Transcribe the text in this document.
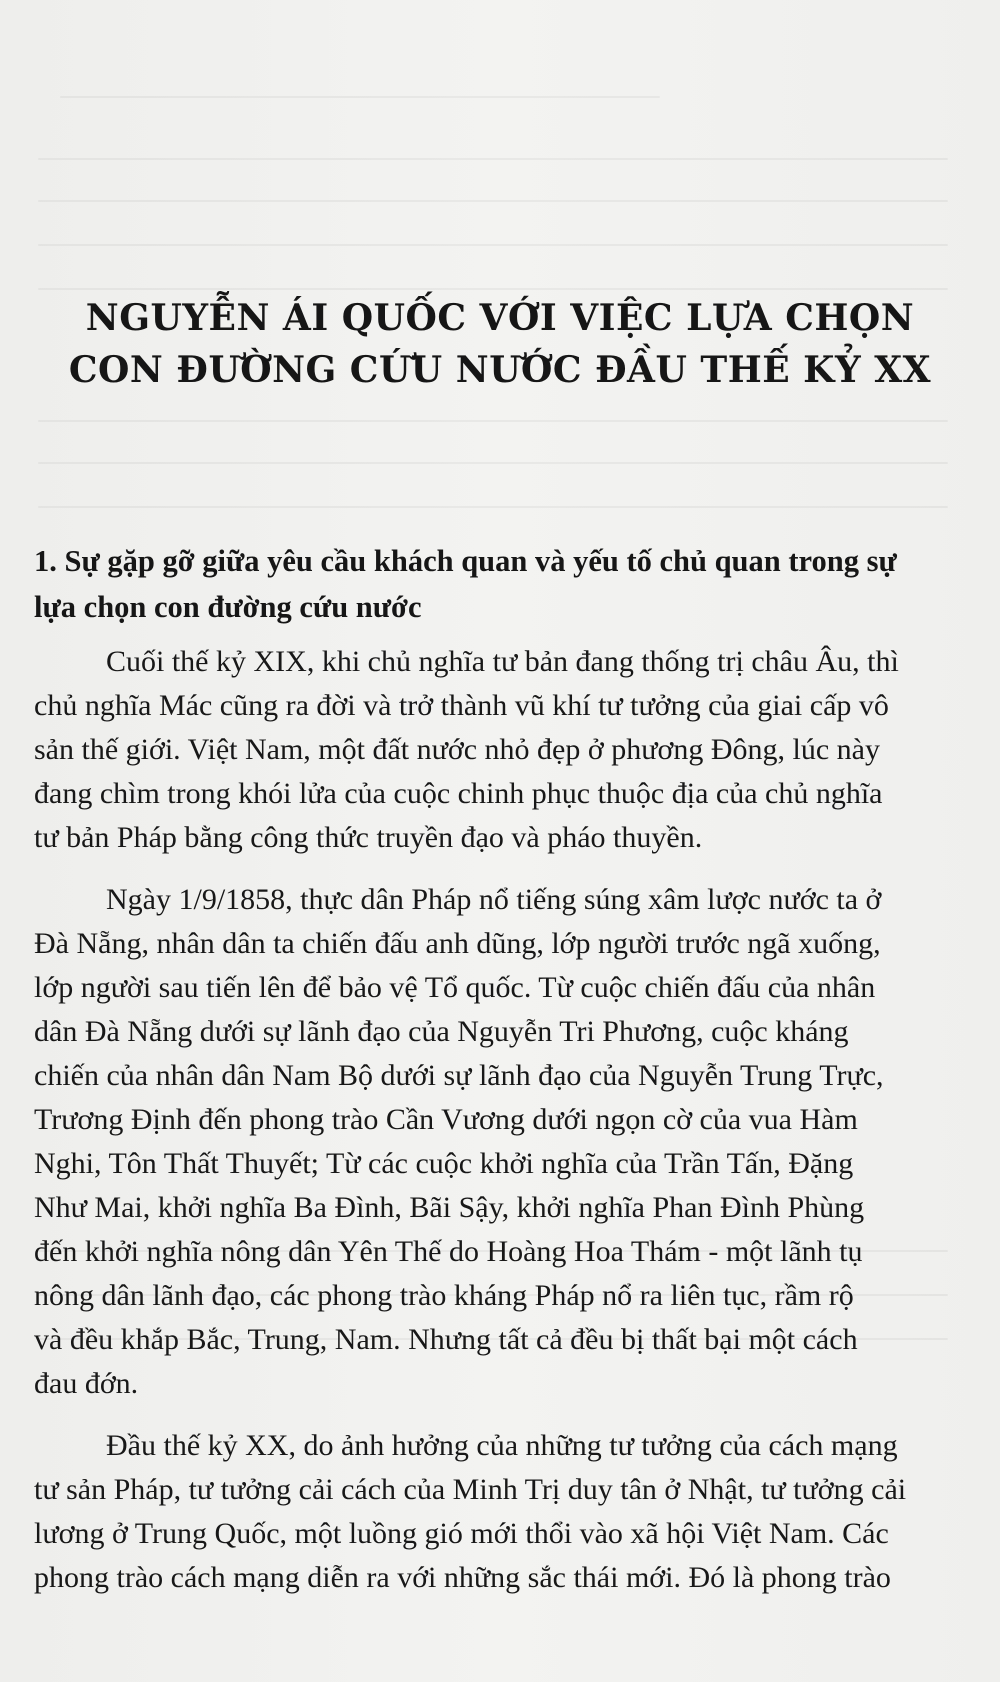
NGUYỄN ÁI QUỐC VỚI VIỆC LỰA CHỌN
CON ĐƯỜNG CỨU NƯỚC ĐẦU THẾ KỶ XX
1. Sự gặp gỡ giữa yêu cầu khách quan và yếu tố chủ quan trong sự
lựa chọn con đường cứu nước

Cuối thế kỷ XIX, khi chủ nghĩa tư bản đang thống trị châu Âu, thì
chủ nghĩa Mác cũng ra đời và trở thành vũ khí tư tưởng của giai cấp vô
sản thế giới. Việt Nam, một đất nước nhỏ đẹp ở phương Đông, lúc này
đang chìm trong khói lửa của cuộc chinh phục thuộc địa của chủ nghĩa
tư bản Pháp bằng công thức truyền đạo và pháo thuyền.

Ngày 1/9/1858, thực dân Pháp nổ tiếng súng xâm lược nước ta ở
Đà Nẵng, nhân dân ta chiến đấu anh dũng, lớp người trước ngã xuống,
lớp người sau tiến lên để bảo vệ Tổ quốc. Từ cuộc chiến đấu của nhân
dân Đà Nẵng dưới sự lãnh đạo của Nguyễn Tri Phương, cuộc kháng
chiến của nhân dân Nam Bộ dưới sự lãnh đạo của Nguyễn Trung Trực,
Trương Định đến phong trào Cần Vương dưới ngọn cờ của vua Hàm
Nghi, Tôn Thất Thuyết; Từ các cuộc khởi nghĩa của Trần Tấn, Đặng
Như Mai, khởi nghĩa Ba Đình, Bãi Sậy, khởi nghĩa Phan Đình Phùng
đến khởi nghĩa nông dân Yên Thế do Hoàng Hoa Thám - một lãnh tụ
nông dân lãnh đạo, các phong trào kháng Pháp nổ ra liên tục, rầm rộ
và đều khắp Bắc, Trung, Nam. Nhưng tất cả đều bị thất bại một cách
đau đớn.

Đầu thế kỷ XX, do ảnh hưởng của những tư tưởng của cách mạng
tư sản Pháp, tư tưởng cải cách của Minh Trị duy tân ở Nhật, tư tưởng cải
lương ở Trung Quốc, một luồng gió mới thổi vào xã hội Việt Nam. Các
phong trào cách mạng diễn ra với những sắc thái mới. Đó là phong trào
